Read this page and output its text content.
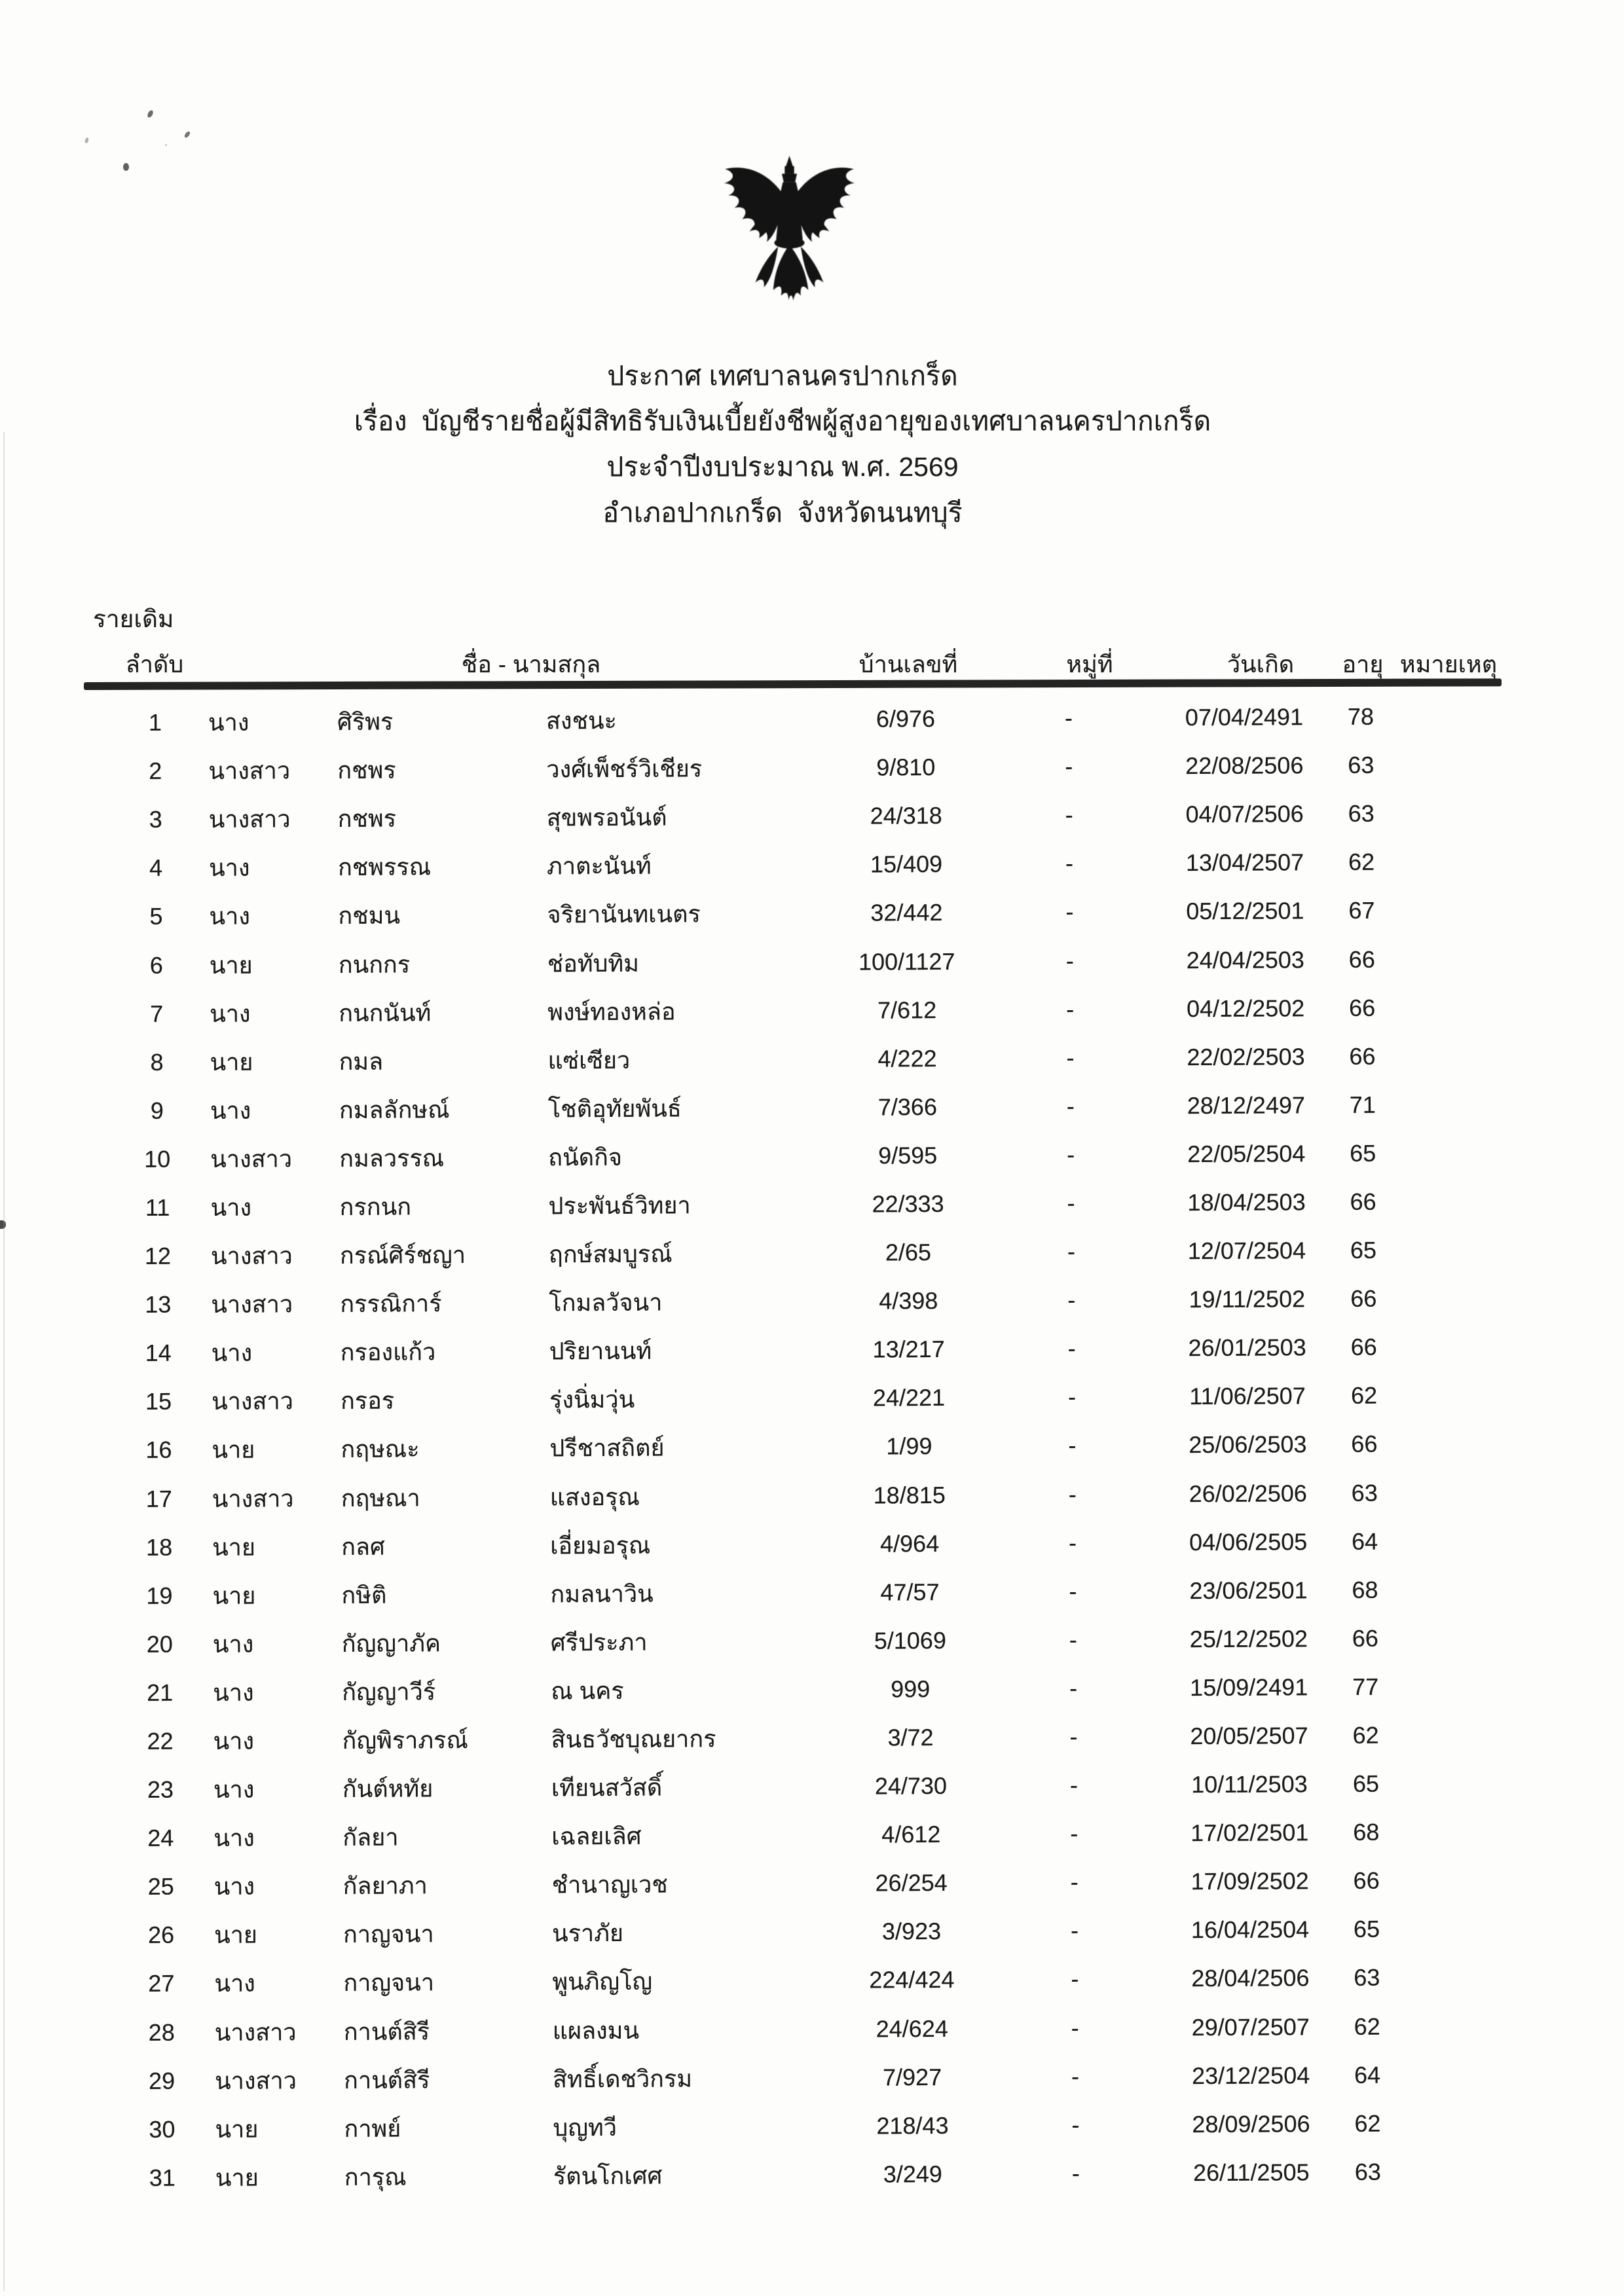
ประกาศ เทศบาลนครปากเกร็ด
เรื่อง  บัญชีรายชื่อผู้มีสิทธิรับเงินเบี้ยยังชีพผู้สูงอายุของเทศบาลนครปากเกร็ด
ประจำปีงบประมาณ พ.ศ. 2569
อำเภอปากเกร็ด  จังหวัดนนทบุรี
รายเดิม
ลำดับ	ชื่อ - นามสกุล	บ้านเลขที่	หมู่ที่	วันเกิด อายุ หมายเหตุ
1 นาง	ศิริพร	สงชนะ	6/976	-	07/04/2491 78
2 นางสาว กชพร	วงศ์เพ็ชร์วิเชียร	9/810	-	22/08/2506 63
3 นางสาว กชพร	สุขพรอนันต์	24/318	-	04/07/2506 63
4 นาง	กชพรรณ	ภาตะนันท์	15/409	-	13/04/2507 62
5 นาง	กชมน	จริยานันทเนตร	32/442	-	05/12/2501 67
6 นาย	กนกกร	ช่อทับทิม	100/1127	-	24/04/2503 66
7 นาง	กนกนันท์	พงษ์ทองหล่อ	7/612	-	04/12/2502 66
8 นาย	กมล	แซ่เซียว	4/222	-	22/02/2503 66
9 นาง	กมลลักษณ์	โชติอุทัยพันธ์	7/366	-	28/12/2497 71
10 นางสาว กมลวรรณ	ถนัดกิจ	9/595	-	22/05/2504 65
11 นาง	กรกนก	ประพันธ์วิทยา	22/333	-	18/04/2503 66
12 นางสาว กรณ์ศิร์ชญา	ฤกษ์สมบูรณ์	2/65	-	12/07/2504 65
13 นางสาว กรรณิการ์	โกมลวัจนา	4/398	-	19/11/2502 66
14 นาง	กรองแก้ว	ปริยานนท์	13/217	-	26/01/2503 66
15 นางสาว กรอร	รุ่งนิ่มวุ่น	24/221	-	11/06/2507 62
16 นาย	กฤษณะ	ปรีชาสถิตย์	1/99	-	25/06/2503 66
17 นางสาว กฤษณา	แสงอรุณ	18/815	-	26/02/2506 63
18 นาย	กลศ	เอี่ยมอรุณ	4/964	-	04/06/2505 64
19 นาย	กษิติ	กมลนาวิน	47/57	-	23/06/2501 68
20 นาง	กัญญาภัค	ศรีประภา	5/1069	-	25/12/2502 66
21 นาง	กัญญาวีร์	ณ นคร	999	-	15/09/2491 77
22 นาง	กัญพิราภรณ์	สินธวัชบุณยากร	3/72	-	20/05/2507 62
23 นาง	กันต์หทัย	เทียนสวัสดิ์	24/730	-	10/11/2503 65
24 นาง	กัลยา	เฉลยเลิศ	4/612	-	17/02/2501 68
25 นาง	กัลยาภา	ชำนาญเวช	26/254	-	17/09/2502 66
26 นาย	กาญจนา	นราภัย	3/923	-	16/04/2504 65
27 นาง	กาญจนา	พูนภิญโญ	224/424	-	28/04/2506 63
28 นางสาว กานต์สิรี	แผลงมน	24/624	-	29/07/2507 62
29 นางสาว กานต์สิรี	สิทธิ์เดชวิกรม	7/927	-	23/12/2504 64
30 นาย	กาพย์	บุญทวี	218/43	-	28/09/2506 62
31 นาย	การุณ	รัตนโกเศศ	3/249	-	26/11/2505 63
